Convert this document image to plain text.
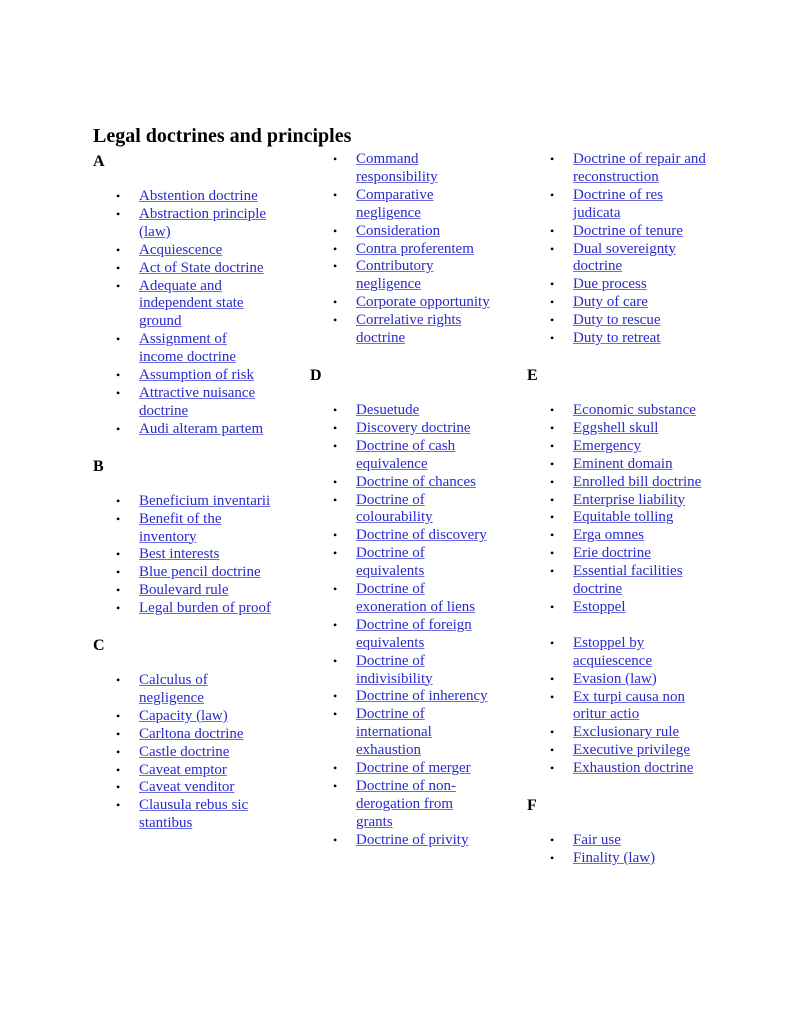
Legal doctrines and principles
A
• Abstention doctrine
• Abstraction principle (law)
• Acquiescence
• Act of State doctrine
• Adequate and independent state ground
• Assignment of income doctrine
• Assumption of risk
• Attractive nuisance doctrine
• Audi alteram partem
B
• Beneficium inventarii
• Benefit of the inventory
• Best interests
• Blue pencil doctrine
• Boulevard rule
• Legal burden of proof
C
• Calculus of negligence
• Capacity (law)
• Carltona doctrine
• Castle doctrine
• Caveat emptor
• Caveat venditor
• Clausula rebus sic stantibus
• Command responsibility
• Comparative negligence
• Consideration
• Contra proferentem
• Contributory negligence
• Corporate opportunity
• Correlative rights doctrine
D
• Desuetude
• Discovery doctrine
• Doctrine of cash equivalence
• Doctrine of chances
• Doctrine of colourability
• Doctrine of discovery
• Doctrine of equivalents
• Doctrine of exoneration of liens
• Doctrine of foreign equivalents
• Doctrine of indivisibility
• Doctrine of inherency
• Doctrine of international exhaustion
• Doctrine of merger
• Doctrine of non-derogation from grants
• Doctrine of privity
• Doctrine of repair and reconstruction
• Doctrine of res judicata
• Doctrine of tenure
• Dual sovereignty doctrine
• Due process
• Duty of care
• Duty to rescue
• Duty to retreat
E
• Economic substance
• Eggshell skull
• Emergency
• Eminent domain
• Enrolled bill doctrine
• Enterprise liability
• Equitable tolling
• Erga omnes
• Erie doctrine
• Essential facilities doctrine
• Estoppel
• Estoppel by acquiescence
• Evasion (law)
• Ex turpi causa non oritur actio
• Exclusionary rule
• Executive privilege
• Exhaustion doctrine
F
• Fair use
• Finality (law)
